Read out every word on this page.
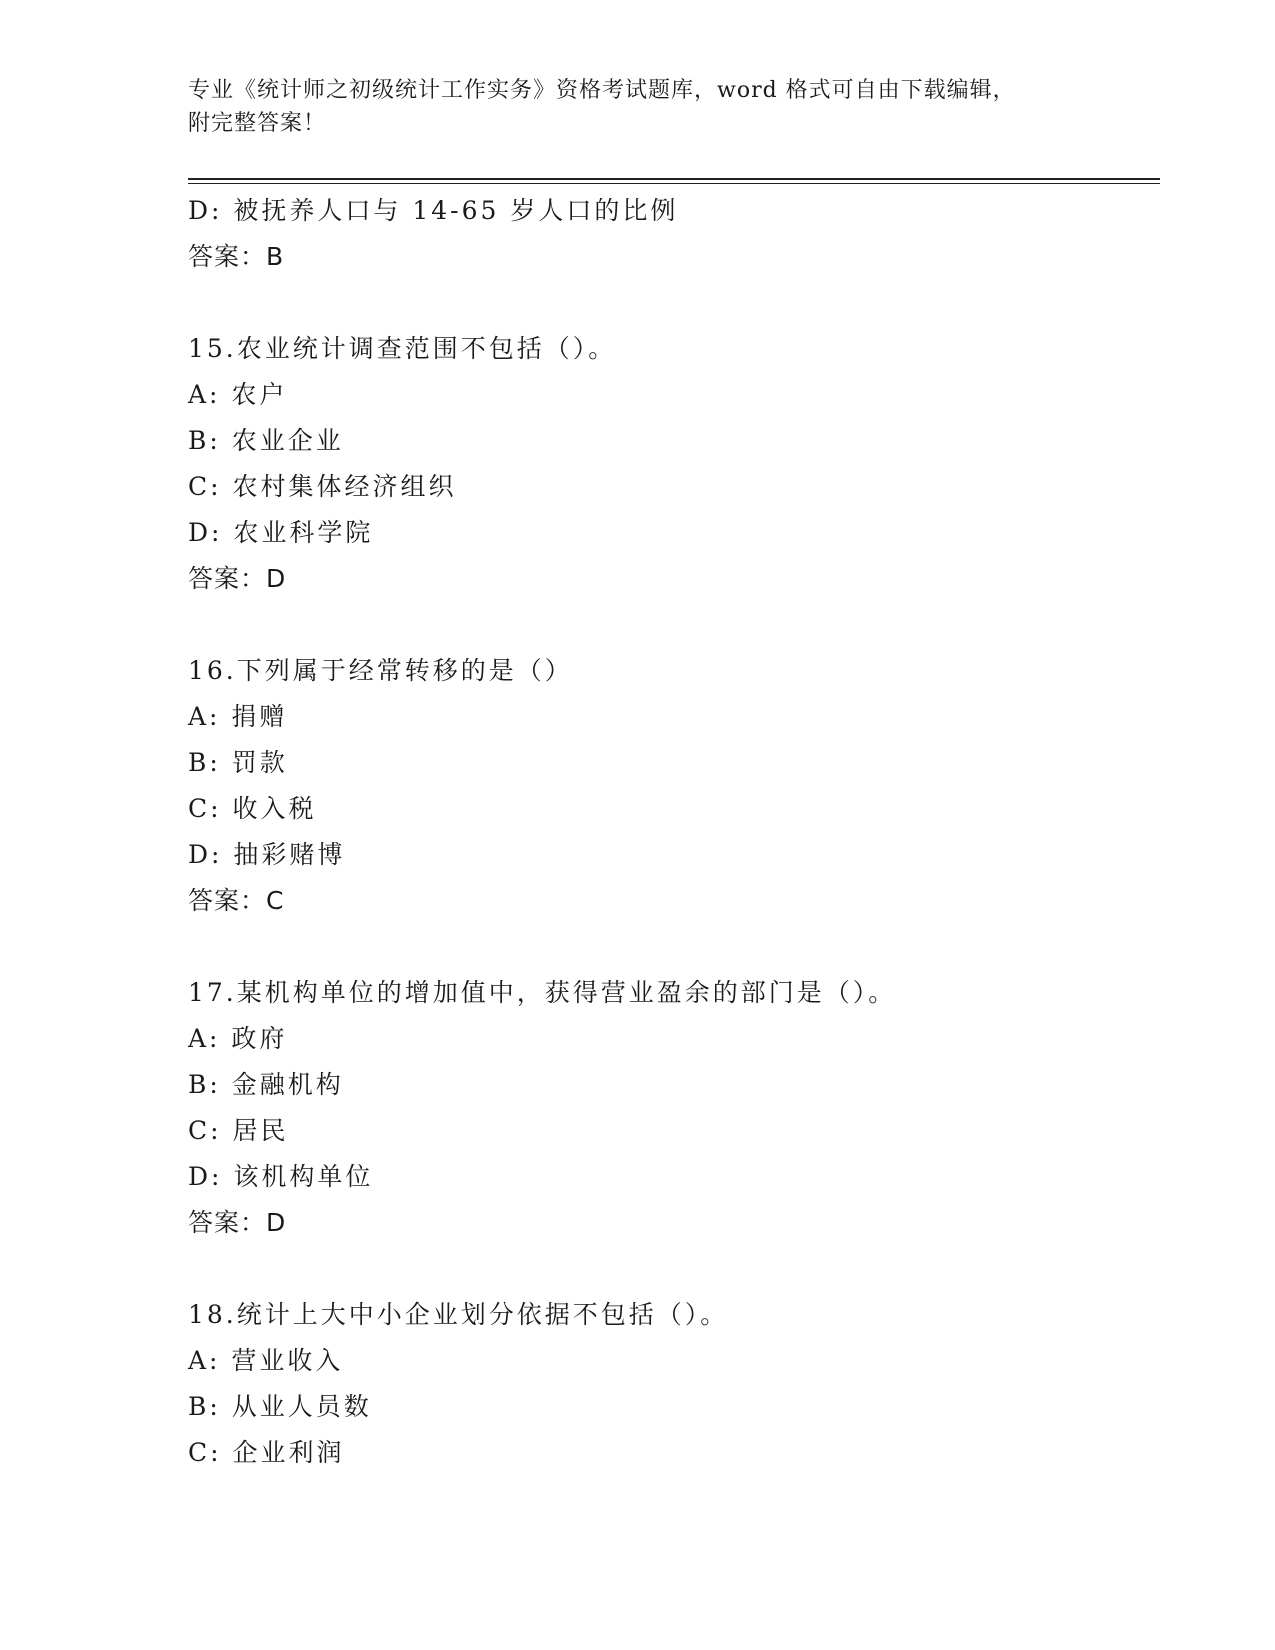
专业《统计师之初级统计工作实务》资格考试题库，word 格式可自由下载编辑，
附完整答案！
D: 被抚养人口与 14-65 岁人口的比例
答案：B
15.农业统计调查范围不包括（）。
A: 农户
B: 农业企业
C: 农村集体经济组织
D: 农业科学院
答案：D
16.下列属于经常转移的是（）
A: 捐赠
B: 罚款
C: 收入税
D: 抽彩赌博
答案：C
17.某机构单位的增加值中，获得营业盈余的部门是（）。
A: 政府
B: 金融机构
C: 居民
D: 该机构单位
答案：D
18.统计上大中小企业划分依据不包括（）。
A: 营业收入
B: 从业人员数
C: 企业利润
